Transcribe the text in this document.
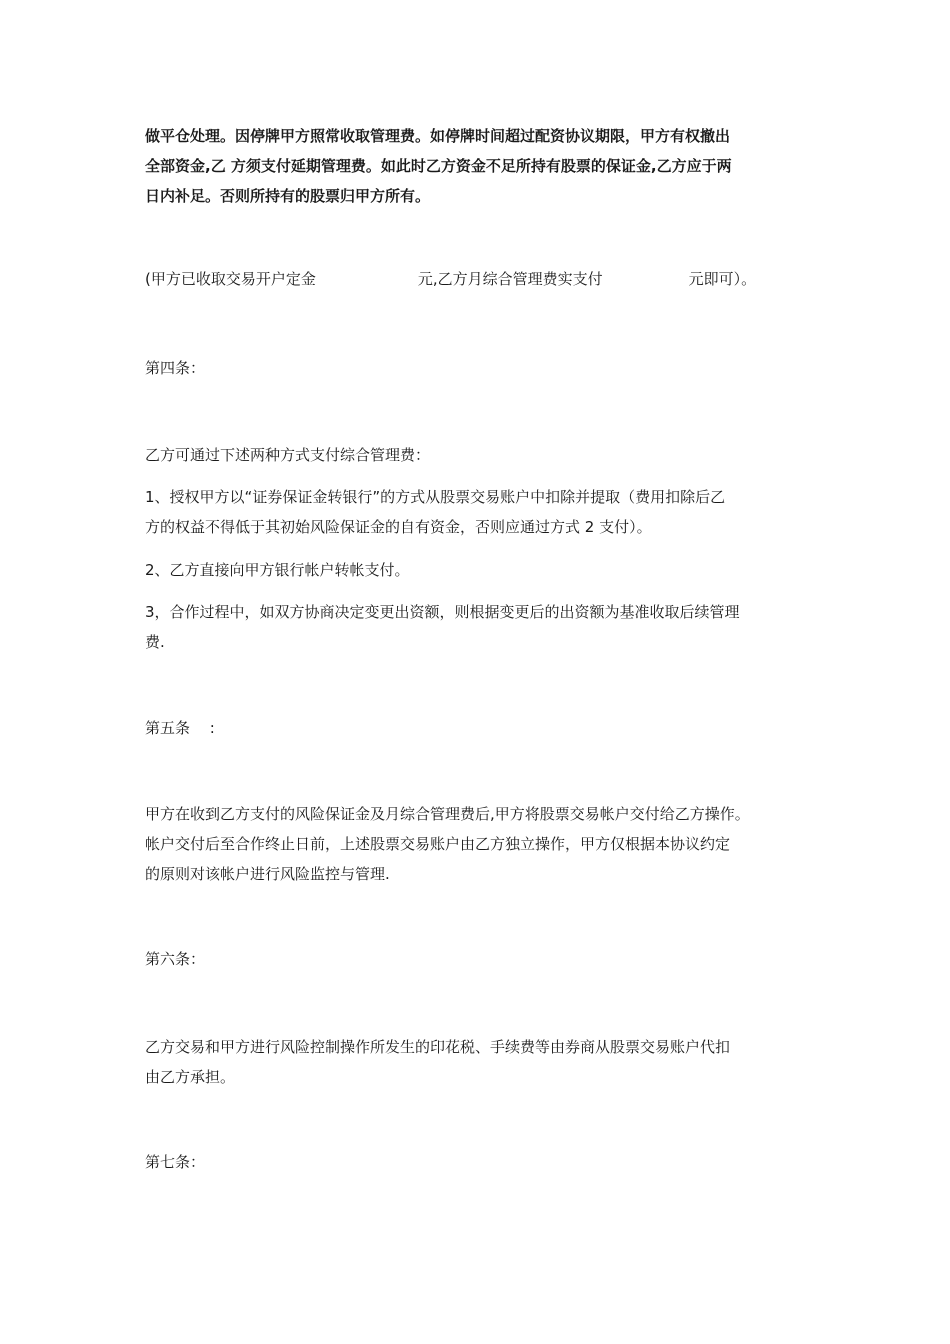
做平仓处理。因停牌甲方照常收取管理费。如停牌时间超过配资协议期限，甲方有权撤出
全部资金,乙 方须支付延期管理费。如此时乙方资金不足所持有股票的保证金,乙方应于两
日内补足。否则所持有的股票归甲方所有。
(甲方已收取交易开户定金	元,乙方月综合管理费实支付	元即可）。
第四条：
乙方可通过下述两种方式支付综合管理费：
1、授权甲方以“证券保证金转银行”的方式从股票交易账户中扣除并提取（费用扣除后乙
方的权益不得低于其初始风险保证金的自有资金，否则应通过方式 2 支付）。
2、乙方直接向甲方银行帐户转帐支付。
3，合作过程中，如双方协商决定变更出资额，则根据变更后的出资额为基准收取后续管理
费.
第五条　 :
甲方在收到乙方支付的风险保证金及月综合管理费后,甲方将股票交易帐户交付给乙方操作。
帐户交付后至合作终止日前，上述股票交易账户由乙方独立操作，甲方仅根据本协议约定
的原则对该帐户进行风险监控与管理.
第六条：
乙方交易和甲方进行风险控制操作所发生的印花税、手续费等由券商从股票交易账户代扣
由乙方承担。
第七条：
